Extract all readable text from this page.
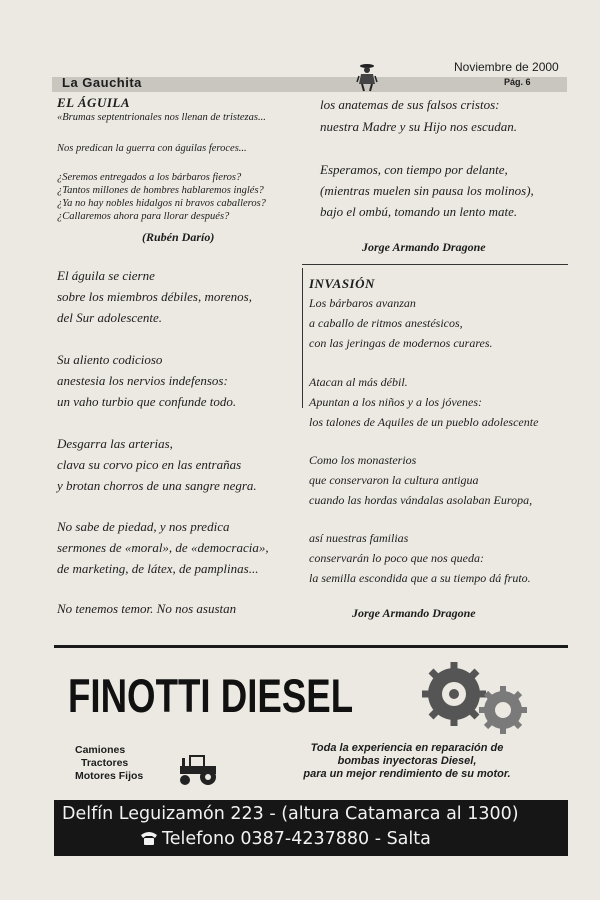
La Gauchita
Noviembre de 2000
Pág. 6
EL ÁGUILA
«Brumas septentrionales nos llenan de tristezas...
Nos predican la guerra con águilas feroces...
¿Seremos entregados a los bárbaros fieros?
¿Tantos millones de hombres hablaremos inglés?
¿Ya no hay nobles hidalgos ni bravos caballeros?
¿Callaremos ahora para llorar después?
(Rubén Darío)
El águila se cierne
sobre los miembros débiles, morenos,
del Sur adolescente.
Su aliento codicioso
anestesia los nervios indefensos:
un vaho turbio que confunde todo.
Desgarra las arterias,
clava su corvo pico en las entrañas
y brotan chorros de una sangre negra.
No sabe de piedad, y nos predica
sermones de «moral», de «democracia»,
de marketing, de látex, de pamplinas...
No tenemos temor. No nos asustan
los anatemas de sus falsos cristos:
nuestra Madre y su Hijo nos escudan.
Esperamos, con tiempo por delante,
(mientras muelen sin pausa los molinos),
bajo el ombú, tomando un lento mate.
Jorge Armando Dragone
INVASIÓN
Los bárbaros avanzan
a caballo de ritmos anestésicos,
con las jeringas de modernos curares.
Atacan al más débil.
Apuntan a los niños y a los jóvenes:
los talones de Aquiles de un pueblo adolescente
Como los monasterios
que conservaron la cultura antigua
cuando las hordas vándalas asolaban Europa,
así nuestras familias
conservarán lo poco que nos queda:
la semilla escondida que a su tiempo dá fruto.
Jorge Armando Dragone
FINOTTI DIESEL
Camiones
Tractores
Motores Fijos
Toda la experiencia en reparación de
bombas inyectoras Diesel,
para un mejor rendimiento de su motor.
Delfín Leguizamón 223 - (altura Catamarca al 1300)
Telefono 0387-4237880 - Salta
